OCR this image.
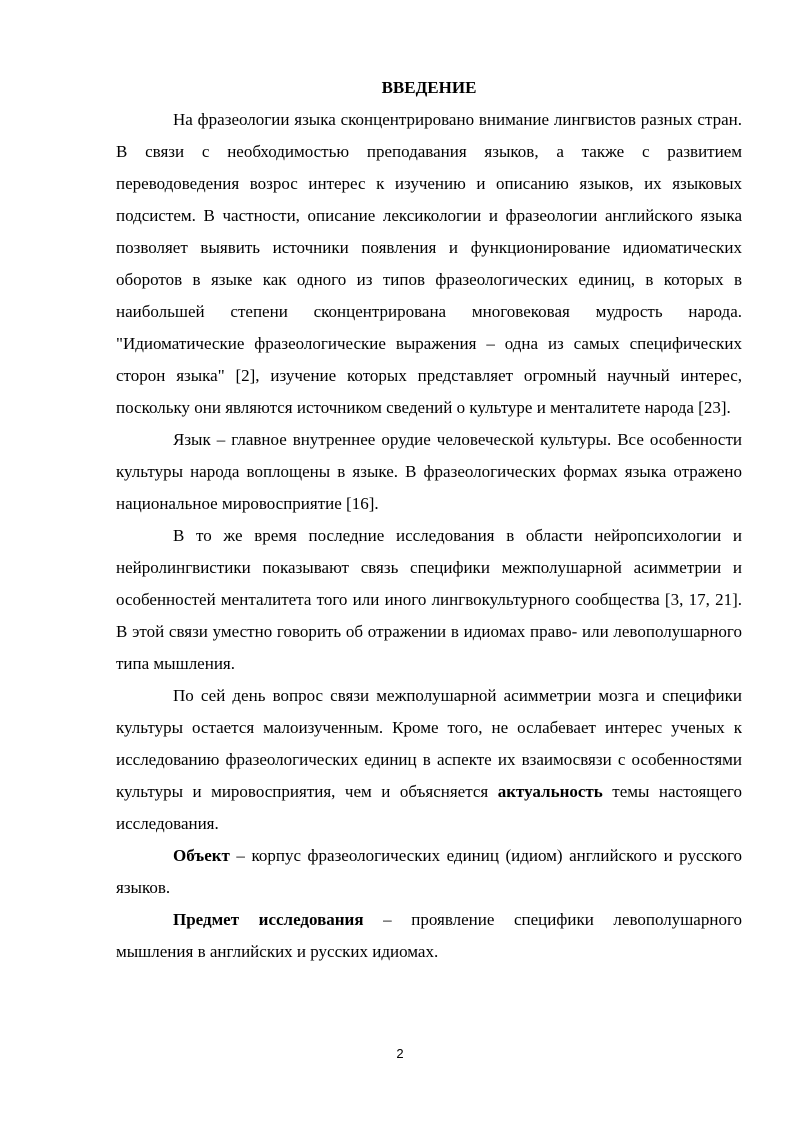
ВВЕДЕНИЕ

На фразеологии языка сконцентрировано внимание лингвистов разных стран. В связи с необходимостью преподавания языков, а также с развитием переводоведения возрос интерес к изучению и описанию языков, их языковых подсистем. В частности, описание лексикологии и фразеологии английского языка позволяет выявить источники появления и функционирование идиоматических оборотов в языке как одного из типов фразеологических единиц, в которых в наибольшей степени сконцентрирована многовековая мудрость народа. "Идиоматические фразеологические выражения – одна из самых специфических сторон языка" [2], изучение которых представляет огромный научный интерес, поскольку они являются источником сведений о культуре и менталитете народа [23].

Язык – главное внутреннее орудие человеческой культуры. Все особенности культуры народа воплощены в языке. В фразеологических формах языка отражено национальное мировосприятие [16].

В то же время последние исследования в области нейропсихологии и нейролингвистики показывают связь специфики межполушарной асимметрии и особенностей менталитета того или иного лингвокультурного сообщества [3, 17, 21]. В этой связи уместно говорить об отражении в идиомах право- или левополушарного типа мышления.

По сей день вопрос связи межполушарной асимметрии мозга и специфики культуры остается малоизученным. Кроме того, не ослабевает интерес ученых к исследованию фразеологических единиц в аспекте их взаимосвязи с особенностями культуры и мировосприятия, чем и объясняется актуальность темы настоящего исследования.

Объект – корпус фразеологических единиц (идиом) английского и русского языков.

Предмет исследования – проявление специфики левополушарного мышления в английских и русских идиомах.

2
